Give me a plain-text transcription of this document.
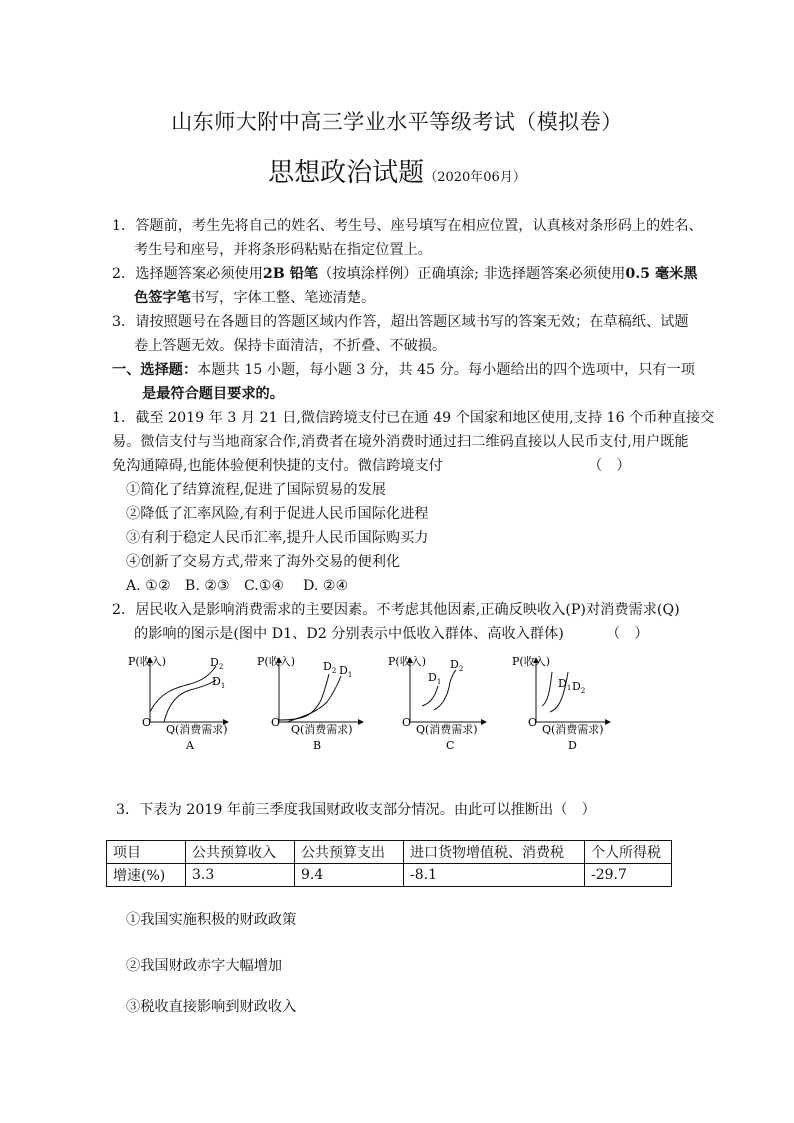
山东师大附中高三学业水平等级考试（模拟卷）
思想政治试题（2020年06月）
1．答题前，考生先将自己的姓名、考生号、座号填写在相应位置，认真核对条形码上的姓名、
考生号和座号，并将条形码粘贴在指定位置上。
2．选择题答案必须使用2B 铅笔（按填涂样例）正确填涂; 非选择题答案必须使用0.5 毫米黑
色签字笔书写，字体工整、笔迹清楚。
3．请按照题号在各题目的答题区域内作答，超出答题区域书写的答案无效；在草稿纸、试题
卷上答题无效。保持卡面清洁，不折叠、不破损。
一、选择题：本题共 15 小题，每小题 3 分，共 45 分。每小题给出的四个选项中，只有一项
是最符合题目要求的。
1．截至 2019 年 3 月 21 日,微信跨境支付已在通 49 个国家和地区使用,支持 16 个币种直接交
易。微信支付与当地商家合作,消费者在境外消费时通过扫二维码直接以人民币支付,用户既能
免沟通障碍,也能体验便利快捷的支付。微信跨境支付	（　）
①简化了结算流程,促进了国际贸易的发展
②降低了汇率风险,有利于促进人民币国际化进程
③有利于稳定人民币汇率,提升人民币国际购买力
④创新了交易方式,带来了海外交易的便利化
A. ①②　B. ②③　C.①④　 D. ②④
2．居民收入是影响消费需求的主要因素。不考虑其他因素,正确反映收入(P)对消费需求(Q)
的影响的图示是(图中 D1、D2 分别表示中低收入群体、高收入群体)	（　）
P(收入)
O
Q(消费需求)
$D_2$
$D_1$
A
P(收入)
O
Q(消费需求)
$D_2$ $D_1$
B
P(收入)
O
Q(消费需求)
$D_1$
$D_2$
C
P(收入)
O
Q(消费需求)
$D_1$ $D_2$
D
3．下表为 2019 年前三季度我国财政收支部分情况。由此可以推断出（　）
项目	公共预算收入	公共预算支出	进口货物增值税、消费税	个人所得税
增速(%)	3.3	9.4	-8.1	-29.7
①我国实施积极的财政政策
②我国财政赤字大幅增加
③税收直接影响到财政收入
